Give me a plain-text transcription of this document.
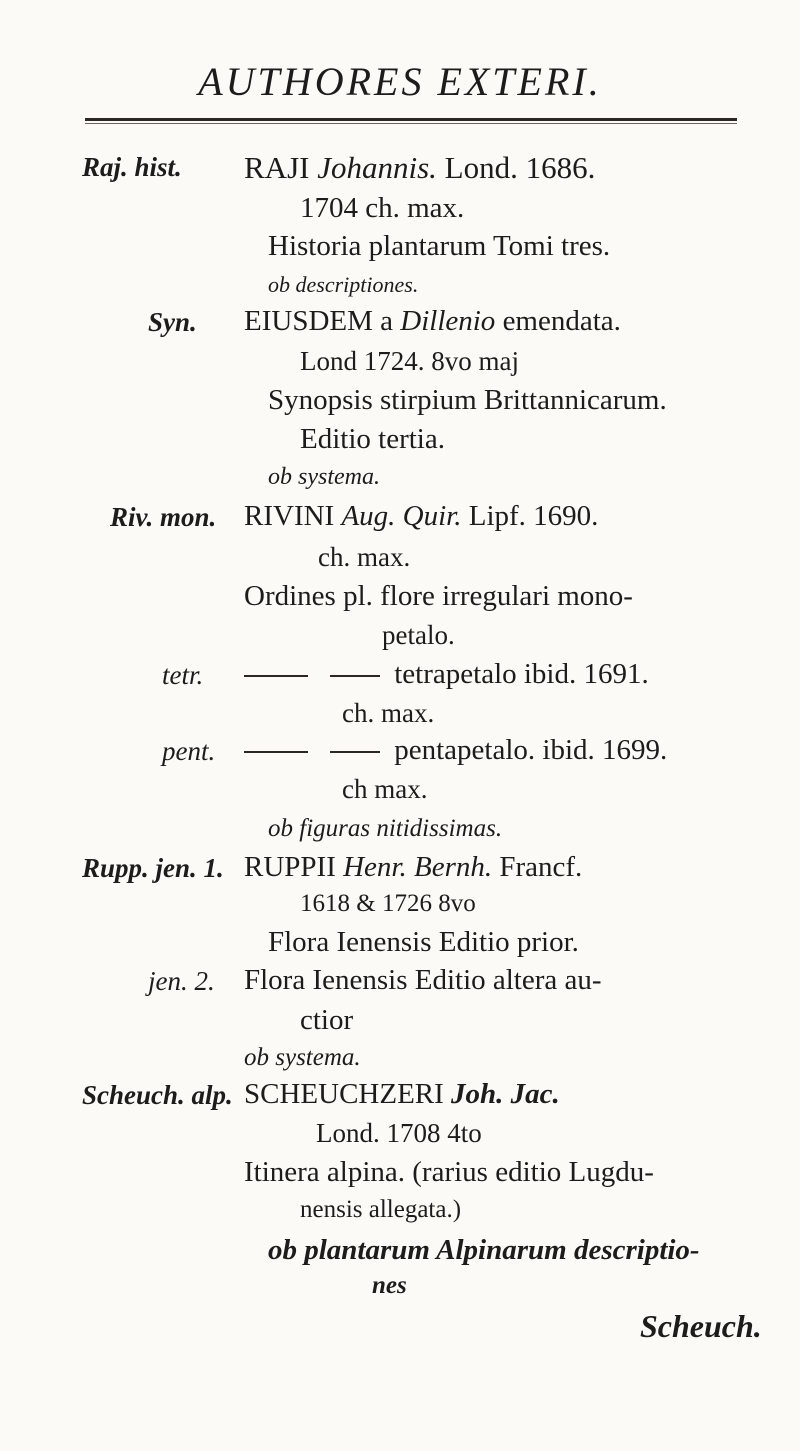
AUTHORES EXTERI.
Raj. hist. RAJI Johannis. Lond. 1686.
1704 ch. max.
Historia plantarum Tomi tres.
ob descriptiones.
Syn. EIUSDEM a Dillenio emendata.
Lond 1724. 8vo maj
Synopsis stirpium Brittannicarum.
Editio tertia.
ob systema.
Riv. mon. RIVINI Aug. Quir. Lipf. 1690.
ch. max.
Ordines pl. flore irregulari mono-
petalo.
tetr.	tetrapetalo ibid. 1691.
ch. max.
pent.	pentapetalo. ibid. 1699.
ch max.
ob figuras nitidissimas.
Rupp. jen. 1. RUPPII Henr. Bernh. Francf.
1618 & 1726 8vo
Flora Ienensis Editio prior.
jen. 2. Flora Ienensis Editio altera au-
ctior
ob systema.
Scheuch. alp. SCHEUCHZERI Joh. Jac.
Lond. 1708 4to
Itinera alpina. (rarius editio Lugdu-
nensis allegata.)
ob plantarum Alpinarum descriptio-
nes
Scheuch.
